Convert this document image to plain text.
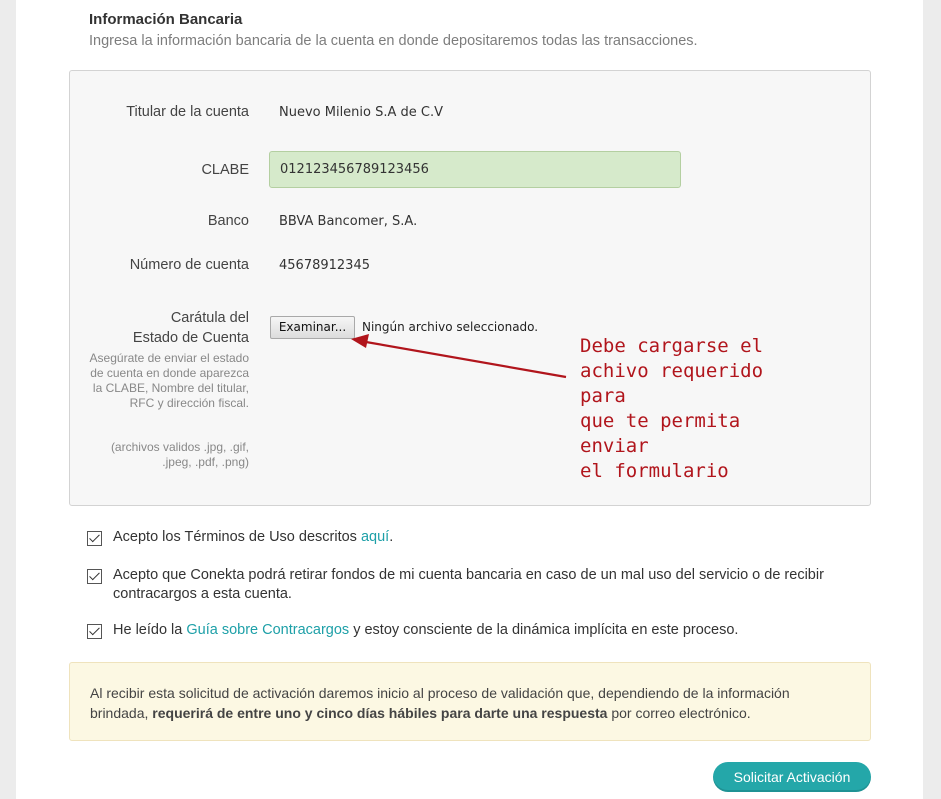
Información Bancaria
Ingresa la información bancaria de la cuenta en donde depositaremos todas las transacciones.
Titular de la cuenta Nuevo Milenio S.A de C.V
CLABE	012123456789123456
Banco BBVA Bancomer, S.A.
Número de cuenta 45678912345
Carátula del
Estado de Cuenta
Asegúrate de enviar el estado de cuenta en donde aparezca la CLABE, Nombre del titular, RFC y dirección fiscal.
(archivos validos .jpg, .gif, .jpeg, .pdf, .png)
Examinar...	Ningún archivo seleccionado.
Debe cargarse el
achivo requerido para
que te permita enviar
el formulario
Acepto los Términos de Uso descritos aquí.
Acepto que Conekta podrá retirar fondos de mi cuenta bancaria en caso de un mal uso del servicio o de recibir contracargos a esta cuenta.
He leído la Guía sobre Contracargos y estoy consciente de la dinámica implícita en este proceso.
Al recibir esta solicitud de activación daremos inicio al proceso de validación que, dependiendo de la información brindada, requerirá de entre uno y cinco días hábiles para darte una respuesta por correo electrónico.
Solicitar Activación
